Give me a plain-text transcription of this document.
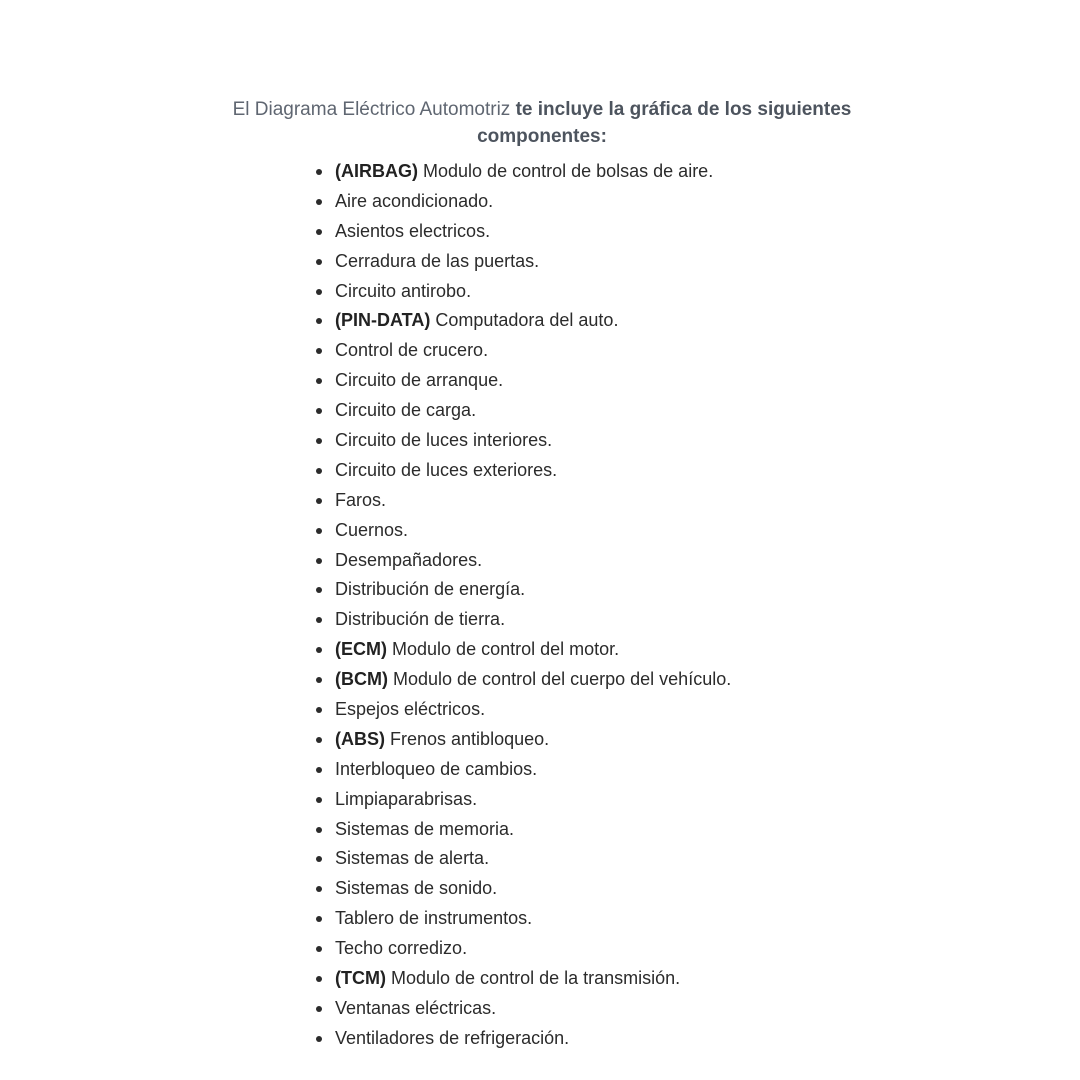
El Diagrama Eléctrico Automotriz te incluye la gráfica de los siguientes componentes:

(AIRBAG) Modulo de control de bolsas de aire.
Aire acondicionado.
Asientos electricos.
Cerradura de las puertas.
Circuito antirobo.
(PIN-DATA) Computadora del auto.
Control de crucero.
Circuito de arranque.
Circuito de carga.
Circuito de luces interiores.
Circuito de luces exteriores.
Faros.
Cuernos.
Desempañadores.
Distribución de energía.
Distribución de tierra.
(ECM) Modulo de control del motor.
(BCM) Modulo de control del cuerpo del vehículo.
Espejos eléctricos.
(ABS) Frenos antibloqueo.
Interbloqueo de cambios.
Limpiaparabrisas.
Sistemas de memoria.
Sistemas de alerta.
Sistemas de sonido.
Tablero de instrumentos.
Techo corredizo.
(TCM) Modulo de control de la transmisión.
Ventanas eléctricas.
Ventiladores de refrigeración.
